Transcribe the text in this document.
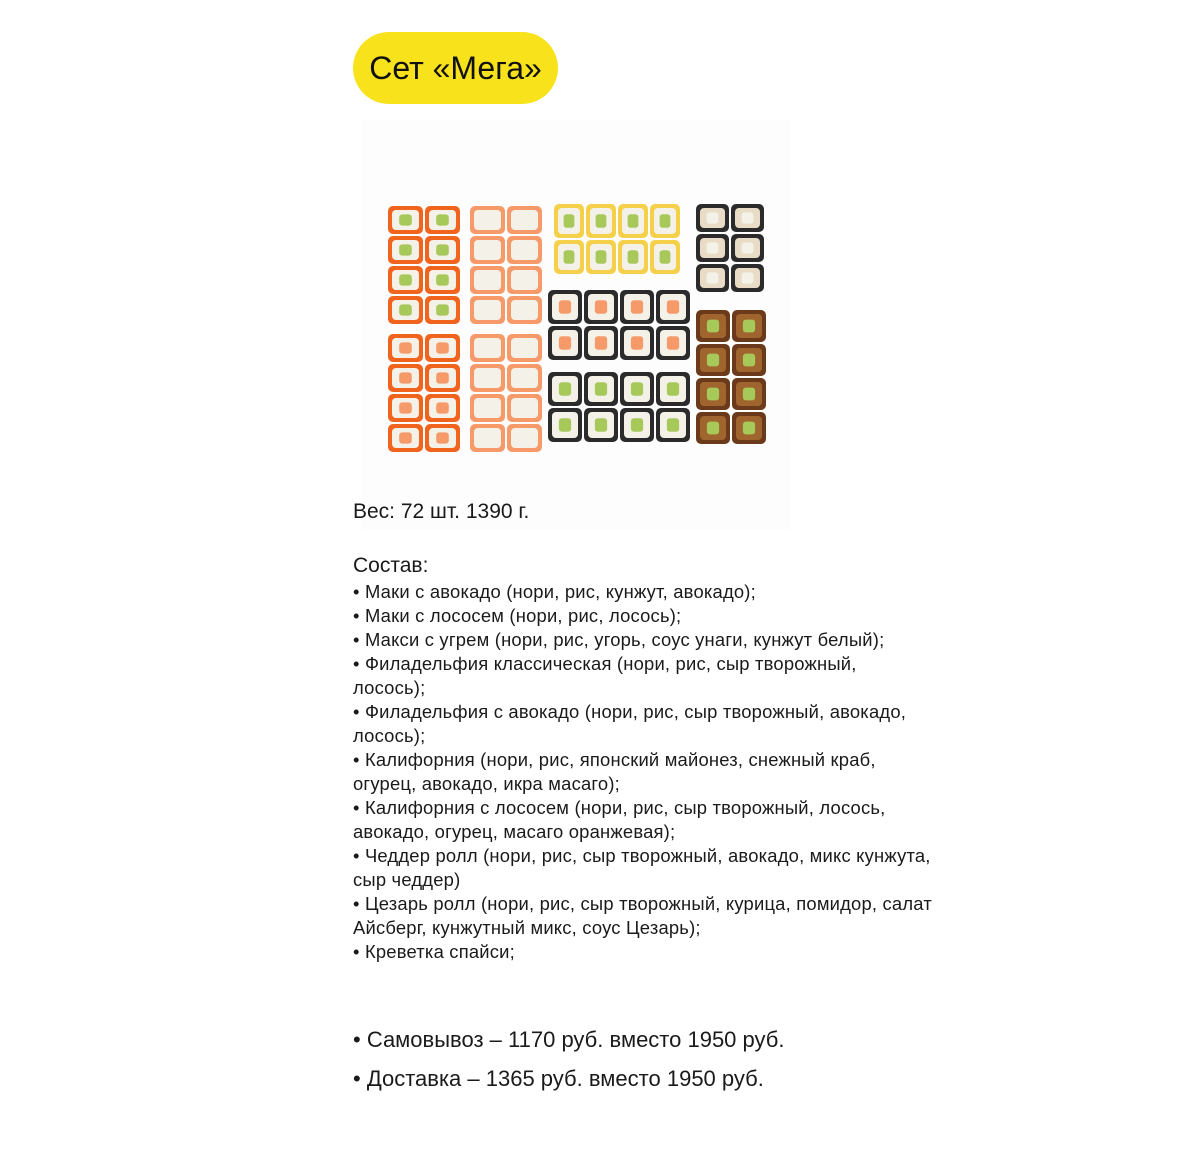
Сет «Мега»
Вес: 72 шт. 1390 г.
Состав:
• Маки с авокадо (нори, рис, кунжут, авокадо);
• Маки с лососем (нори, рис, лосось);
• Макси с угрем (нори, рис, угорь, соус унаги, кунжут белый);
• Филадельфия классическая (нори, рис, сыр творожный, лосось);
• Филадельфия с авокадо (нори, рис, сыр творожный, авокадо, лосось);
• Калифорния (нори, рис, японский майонез, снежный краб, огурец, авокадо, икра масаго);
• Калифорния с лососем (нори, рис, сыр творожный, лосось, авокадо, огурец, масаго оранжевая);
• Чеддер ролл (нори, рис, сыр творожный, авокадо, микс кунжута, сыр чеддер)
• Цезарь ролл (нори, рис, сыр творожный, курица, помидор, салат Айсберг, кунжутный микс, соус Цезарь);
• Креветка спайси;
• Самовывоз – 1170 руб. вместо 1950 руб.
• Доставка – 1365 руб. вместо 1950 руб.
